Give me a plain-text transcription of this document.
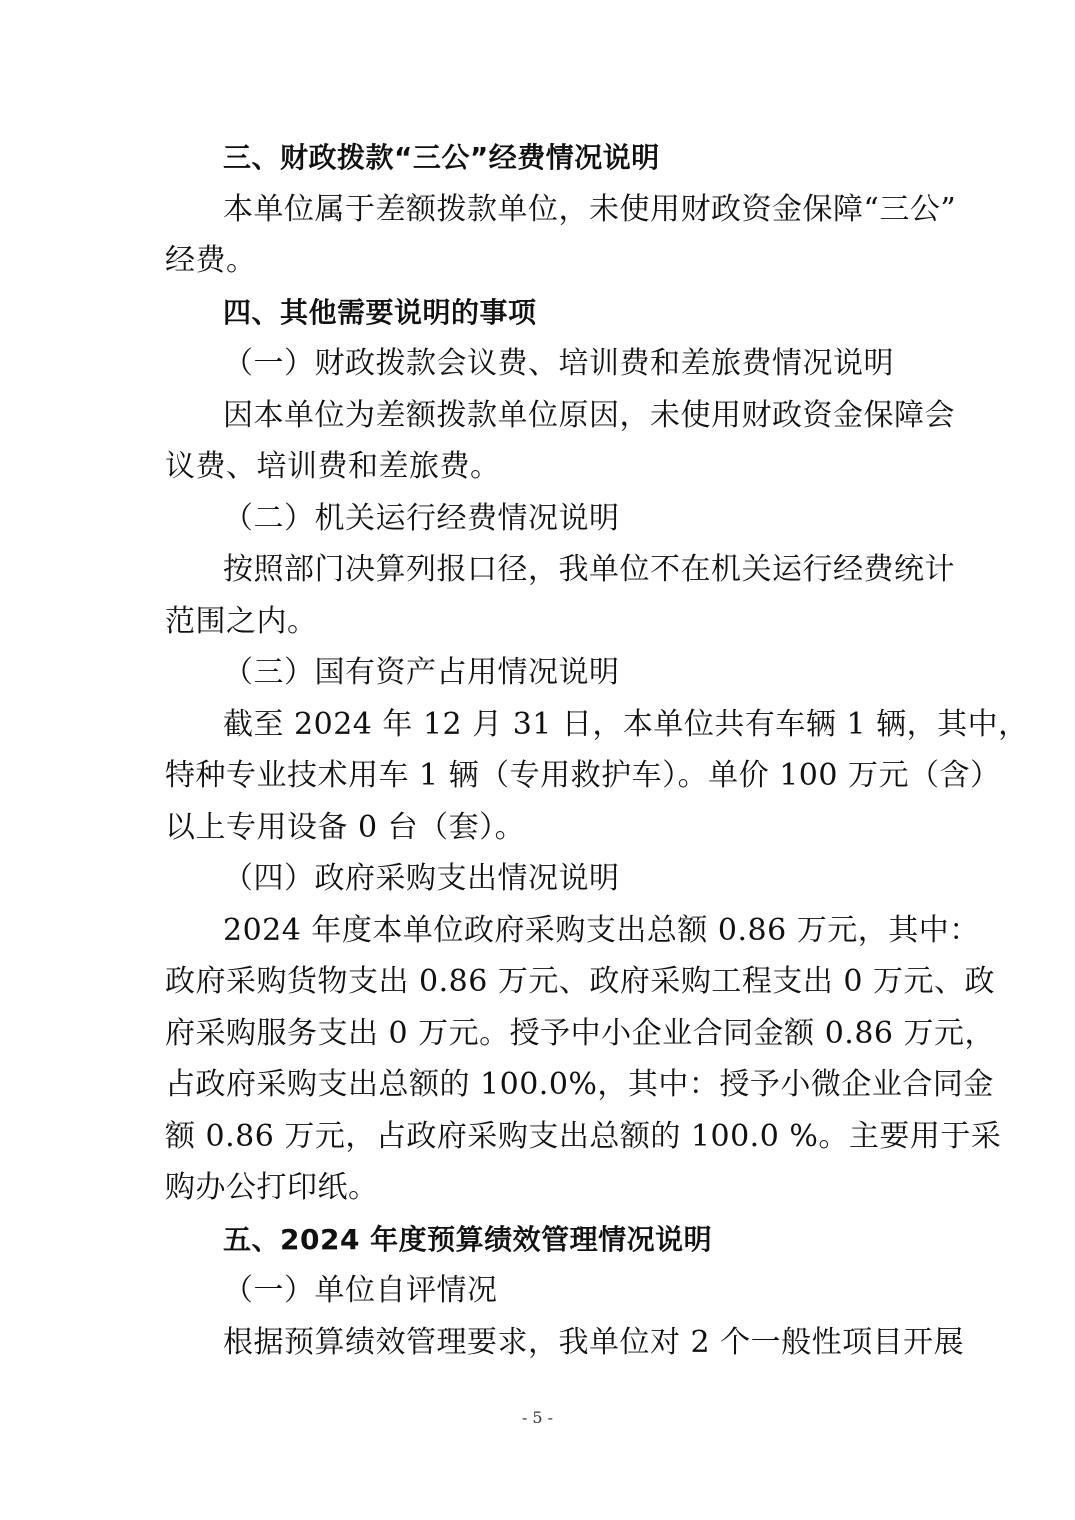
三、财政拨款“三公”经费情况说明
本单位属于差额拨款单位，未使用财政资金保障“三公”
经费。
四、其他需要说明的事项
（一）财政拨款会议费、培训费和差旅费情况说明
因本单位为差额拨款单位原因，未使用财政资金保障会
议费、培训费和差旅费。
（二）机关运行经费情况说明
按照部门决算列报口径，我单位不在机关运行经费统计
范围之内。
（三）国有资产占用情况说明
截至 2024 年 12 月 31 日，本单位共有车辆 1 辆，其中，
特种专业技术用车 1 辆（专用救护车）。单价 100 万元（含）
以上专用设备 0 台（套）。
（四）政府采购支出情况说明
2024 年度本单位政府采购支出总额 0.86 万元，其中：
政府采购货物支出 0.86 万元、政府采购工程支出 0 万元、政
府采购服务支出 0 万元。授予中小企业合同金额 0.86 万元，
占政府采购支出总额的 100.0%，其中：授予小微企业合同金
额 0.86 万元，占政府采购支出总额的 100.0 %。主要用于采
购办公打印纸。
五、2024 年度预算绩效管理情况说明
（一）单位自评情况
根据预算绩效管理要求，我单位对 2 个一般性项目开展
- 5 -
